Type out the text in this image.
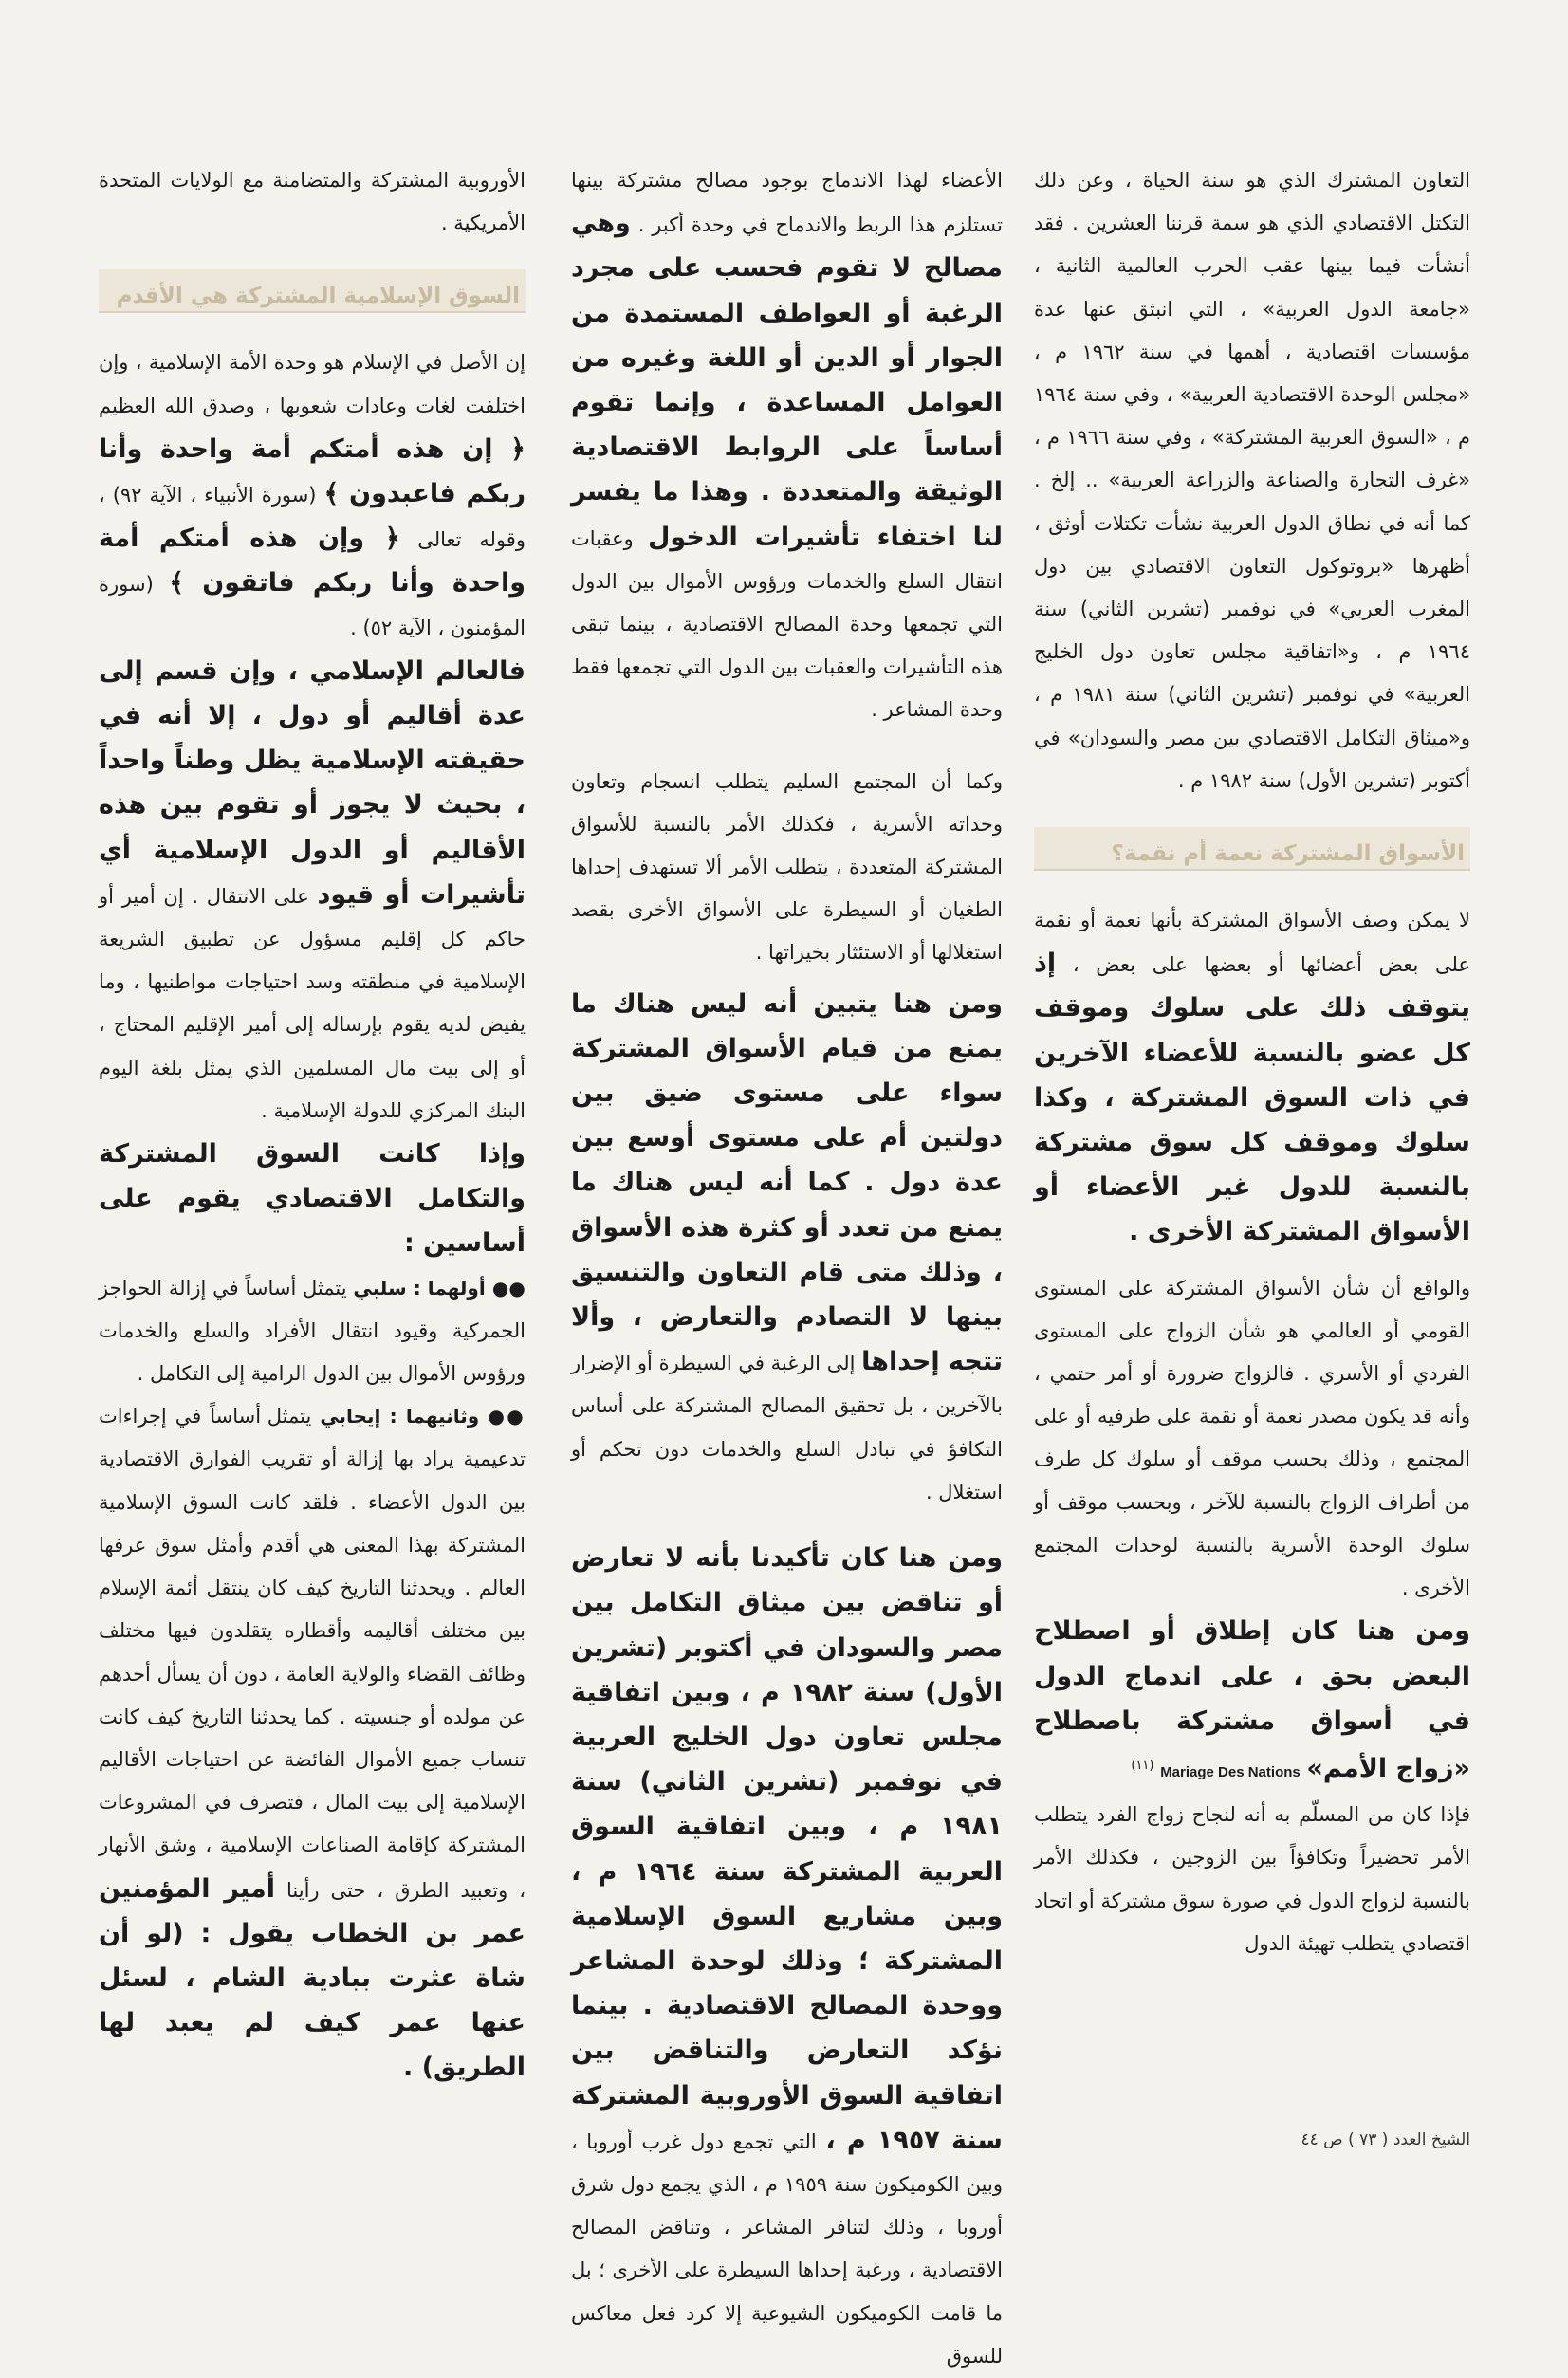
التعاون المشترك الذي هو سنة الحياة ، وعن ذلك التكتل الاقتصادي الذي هو سمة قرننا العشرين . فقد أنشأت فيما بينها عقب الحرب العالمية الثانية ، «جامعة الدول العربية» ، التي انبثق عنها عدة مؤسسات اقتصادية ، أهمها في سنة ١٩٦٢ م ، «مجلس الوحدة الاقتصادية العربية» ، وفي سنة ١٩٦٤ م ، «السوق العربية المشتركة» ، وفي سنة ١٩٦٦ م ، «غرف التجارة والصناعة والزراعة العربية» .. إلخ . كما أنه في نطاق الدول العربية نشأت تكتلات أوثق ، أظهرها «بروتوكول التعاون الاقتصادي بين دول المغرب العربي» في نوفمبر (تشرين الثاني) سنة ١٩٦٤ م ، و«اتفاقية مجلس تعاون دول الخليج العربية» في نوفمبر (تشرين الثاني) سنة ١٩٨١ م ، و«ميثاق التكامل الاقتصادي بين مصر والسودان» في أكتوبر (تشرين الأول) سنة ١٩٨٢ م .

الأسواق المشتركة نعمة أم نقمة؟

لا يمكن وصف الأسواق المشتركة بأنها نعمة أو نقمة على بعض أعضائها أو بعضها على بعض ، إذ يتوقف ذلك على سلوك وموقف كل عضو بالنسبة للأعضاء الآخرين في ذات السوق المشتركة ، وكذا سلوك وموقف كل سوق مشتركة بالنسبة للدول غير الأعضاء أو الأسواق المشتركة الأخرى .

والواقع أن شأن الأسواق المشتركة على المستوى القومي أو العالمي هو شأن الزواج على المستوى الفردي أو الأسري . فالزواج ضرورة أو أمر حتمي ، وأنه قد يكون مصدر نعمة أو نقمة على طرفيه أو على المجتمع ، وذلك بحسب موقف أو سلوك كل طرف من أطراف الزواج بالنسبة للآخر ، وبحسب موقف أو سلوك الوحدة الأسرية بالنسبة لوحدات المجتمع الأخرى .

ومن هنا كان إطلاق أو اصطلاح البعض بحق ، على اندماج الدول في أسواق مشتركة باصطلاح «زواج الأمم» Mariage Des Nations $^{(١١)}$

فإذا كان من المسلّم به أنه لنجاح زواج الفرد يتطلب الأمر تحضيراً وتكافؤاً بين الزوجين ، فكذلك الأمر بالنسبة لزواج الدول في صورة سوق مشتركة أو اتحاد اقتصادي يتطلب تهيئة الدول

الأعضاء لهذا الاندماج بوجود مصالح مشتركة بينها تستلزم هذا الربط والاندماج في وحدة أكبر . وهي مصالح لا تقوم فحسب على مجرد الرغبة أو العواطف المستمدة من الجوار أو الدين أو اللغة وغيره من العوامل المساعدة ، وإنما تقوم أساساً على الروابط الاقتصادية الوثيقة والمتعددة . وهذا ما يفسر لنا اختفاء تأشيرات الدخول وعقبات انتقال السلع والخدمات ورؤوس الأموال بين الدول التي تجمعها وحدة المصالح الاقتصادية ، بينما تبقى هذه التأشيرات والعقبات بين الدول التي تجمعها فقط وحدة المشاعر .

وكما أن المجتمع السليم يتطلب انسجام وتعاون وحداته الأسرية ، فكذلك الأمر بالنسبة للأسواق المشتركة المتعددة ، يتطلب الأمر ألا تستهدف إحداها الطغيان أو السيطرة على الأسواق الأخرى بقصد استغلالها أو الاستئثار بخيراتها .

ومن هنا يتبين أنه ليس هناك ما يمنع من قيام الأسواق المشتركة سواء على مستوى ضيق بين دولتين أم على مستوى أوسع بين عدة دول . كما أنه ليس هناك ما يمنع من تعدد أو كثرة هذه الأسواق ، وذلك متى قام التعاون والتنسيق بينها لا التصادم والتعارض ، وألا تتجه إحداها إلى الرغبة في السيطرة أو الإضرار بالآخرين ، بل تحقيق المصالح المشتركة على أساس التكافؤ في تبادل السلع والخدمات دون تحكم أو استغلال .

ومن هنا كان تأكيدنا بأنه لا تعارض أو تناقض بين ميثاق التكامل بين مصر والسودان في أكتوبر (تشرين الأول) سنة ١٩٨٢ م ، وبين اتفاقية مجلس تعاون دول الخليج العربية في نوفمبر (تشرين الثاني) سنة ١٩٨١ م ، وبين اتفاقية السوق العربية المشتركة سنة ١٩٦٤ م ، وبين مشاريع السوق الإسلامية المشتركة ؛ وذلك لوحدة المشاعر ووحدة المصالح الاقتصادية . بينما نؤكد التعارض والتناقض بين اتفاقية السوق الأوروبية المشتركة سنة ١٩٥٧ م ، التي تجمع دول غرب أوروبا ، وبين الكوميكون سنة ١٩٥٩ م ، الذي يجمع دول شرق أوروبا ، وذلك لتنافر المشاعر ، وتناقض المصالح الاقتصادية ، ورغبة إحداها السيطرة على الأخرى ؛ بل ما قامت الكوميكون الشيوعية إلا كرد فعل معاكس للسوق

الأوروبية المشتركة والمتضامنة مع الولايات المتحدة الأمريكية .

السوق الإسلامية المشتركة هي الأقدم

إن الأصل في الإسلام هو وحدة الأمة الإسلامية ، وإن اختلفت لغات وعادات شعوبها ، وصدق الله العظيم ﴿ إن هذه أمتكم أمة واحدة وأنا ربكم فاعبدون ﴾ (سورة الأنبياء ، الآية ٩٢) ، وقوله تعالى ﴿ وإن هذه أمتكم أمة واحدة وأنا ربكم فاتقون ﴾ (سورة المؤمنون ، الآية ٥٢) .

فالعالم الإسلامي ، وإن قسم إلى عدة أقاليم أو دول ، إلا أنه في حقيقته الإسلامية يظل وطناً واحداً ، بحيث لا يجوز أو تقوم بين هذه الأقاليم أو الدول الإسلامية أي تأشيرات أو قيود على الانتقال . إن أمير أو حاكم كل إقليم مسؤول عن تطبيق الشريعة الإسلامية في منطقته وسد احتياجات مواطنيها ، وما يفيض لديه يقوم بإرساله إلى أمير الإقليم المحتاج ، أو إلى بيت مال المسلمين الذي يمثل بلغة اليوم البنك المركزي للدولة الإسلامية .

وإذا كانت السوق المشتركة والتكامل الاقتصادي يقوم على أساسين :

●● أولهما : سلبي يتمثل أساساً في إزالة الحواجز الجمركية وقيود انتقال الأفراد والسلع والخدمات ورؤوس الأموال بين الدول الرامية إلى التكامل .

●● وثانيهما : إيجابي يتمثل أساساً في إجراءات تدعيمية يراد بها إزالة أو تقريب الفوارق الاقتصادية بين الدول الأعضاء . فلقد كانت السوق الإسلامية المشتركة بهذا المعنى هي أقدم وأمثل سوق عرفها العالم . ويحدثنا التاريخ كيف كان ينتقل أئمة الإسلام بين مختلف أقاليمه وأقطاره يتقلدون فيها مختلف وظائف القضاء والولاية العامة ، دون أن يسأل أحدهم عن مولده أو جنسيته . كما يحدثنا التاريخ كيف كانت تنساب جميع الأموال الفائضة عن احتياجات الأقاليم الإسلامية إلى بيت المال ، فتصرف في المشروعات المشتركة كإقامة الصناعات الإسلامية ، وشق الأنهار ، وتعبيد الطرق ، حتى رأينا أمير المؤمنين عمر بن الخطاب يقول : (لو أن شاة عثرت ببادية الشام ، لسئل عنها عمر كيف لم يعبد لها الطريق) .

الشيخ العدد ( ٧٣ ) ص ٤٤
